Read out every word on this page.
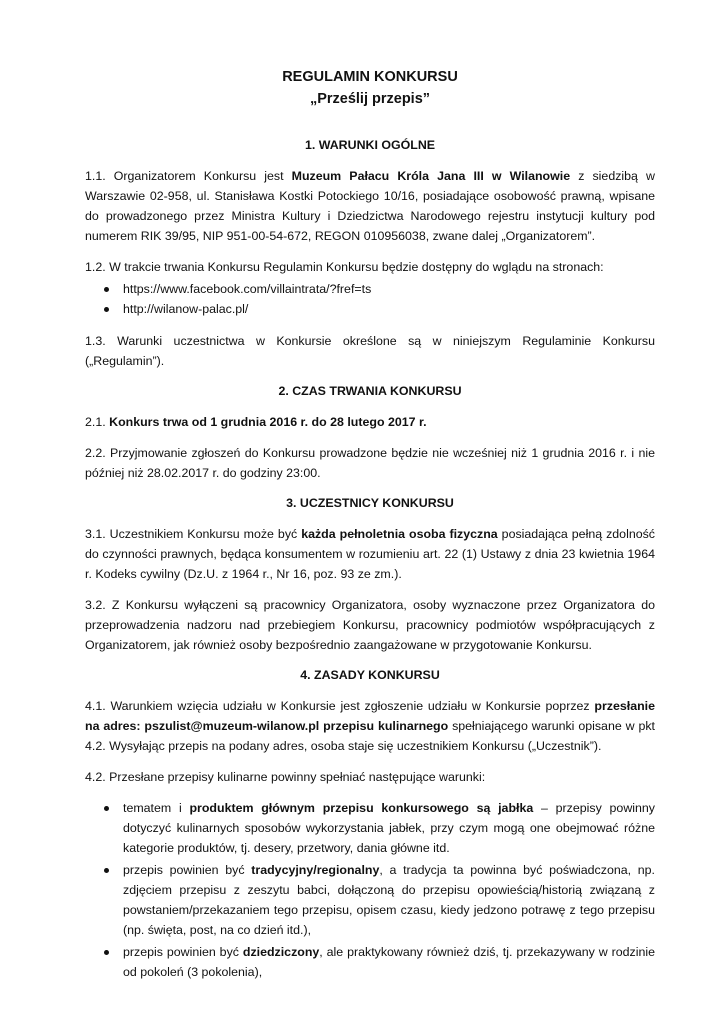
REGULAMIN KONKURSU
„Prześlij przepis”
1. WARUNKI OGÓLNE

1.1. Organizatorem Konkursu jest Muzeum Pałacu Króla Jana III w Wilanowie z siedzibą w Warszawie 02-958, ul. Stanisława Kostki Potockiego 10/16, posiadające osobowość prawną, wpisane do prowadzonego przez Ministra Kultury i Dziedzictwa Narodowego rejestru instytucji kultury pod numerem RIK 39/95, NIP 951-00-54-672, REGON 010956038, zwane dalej „Organizatorem”.

1.2. W trakcie trwania Konkursu Regulamin Konkursu będzie dostępny do wglądu na stronach:

https://www.facebook.com/villaintrata/?fref=ts
http://wilanow-palac.pl/

1.3. Warunki uczestnictwa w Konkursie określone są w niniejszym Regulaminie Konkursu („Regulamin”).

2. CZAS TRWANIA KONKURSU

2.1. Konkurs trwa od 1 grudnia 2016 r. do 28 lutego 2017 r.

2.2. Przyjmowanie zgłoszeń do Konkursu prowadzone będzie nie wcześniej niż 1 grudnia 2016 r. i nie później niż 28.02.2017 r. do godziny 23:00.

3. UCZESTNICY KONKURSU

3.1. Uczestnikiem Konkursu może być każda pełnoletnia osoba fizyczna posiadająca pełną zdolność do czynności prawnych, będąca konsumentem w rozumieniu art. 22 (1) Ustawy z dnia 23 kwietnia 1964 r. Kodeks cywilny (Dz.U. z 1964 r., Nr 16, poz. 93 ze zm.).

3.2. Z Konkursu wyłączeni są pracownicy Organizatora, osoby wyznaczone przez Organizatora do przeprowadzenia nadzoru nad przebiegiem Konkursu, pracownicy podmiotów współpracujących z Organizatorem, jak również osoby bezpośrednio zaangażowane w przygotowanie Konkursu.

4. ZASADY KONKURSU

4.1. Warunkiem wzięcia udziału w Konkursie jest zgłoszenie udziału w Konkursie poprzez przesłanie na adres: pszulist@muzeum-wilanow.pl przepisu kulinarnego spełniającego warunki opisane w pkt 4.2. Wysyłając przepis na podany adres, osoba staje się uczestnikiem Konkursu („Uczestnik”).

4.2. Przesłane przepisy kulinarne powinny spełniać następujące warunki:

tematem i produktem głównym przepisu konkursowego są jabłka – przepisy powinny dotyczyć kulinarnych sposobów wykorzystania jabłek, przy czym mogą one obejmować różne kategorie produktów, tj. desery, przetwory, dania główne itd.
przepis powinien być tradycyjny/regionalny, a tradycja ta powinna być poświadczona, np. zdjęciem przepisu z zeszytu babci, dołączoną do przepisu opowieścią/historią związaną z powstaniem/przekazaniem tego przepisu, opisem czasu, kiedy jedzono potrawę z tego przepisu (np. święta, post, na co dzień itd.),
przepis powinien być dziedziczony, ale praktykowany również dziś, tj. przekazywany w rodzinie od pokoleń (3 pokolenia),
